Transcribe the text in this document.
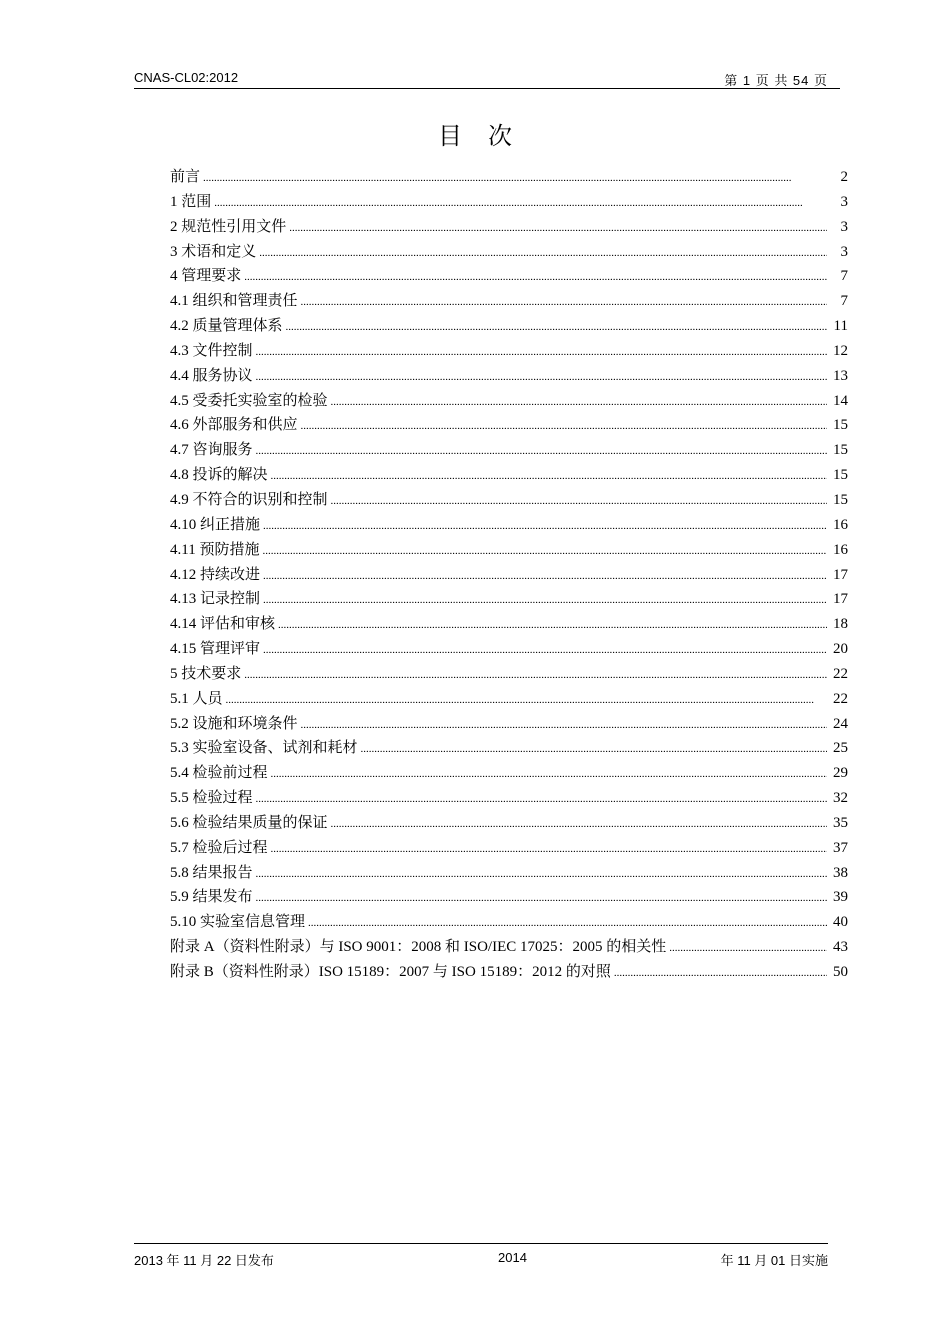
CNAS-CL02:2012	第 1 页 共 54 页
目次
前言 .....	2
1 范围 .....	3
2 规范性引用文件 .....	3
3 术语和定义 .....	3
4 管理要求 .....	7
4.1 组织和管理责任 .....	7
4.2 质量管理体系 .....	11
4.3 文件控制 .....	12
4.4 服务协议 .....	13
4.5 受委托实验室的检验 .....	14
4.6 外部服务和供应 .....	15
4.7 咨询服务 .....	15
4.8 投诉的解决 .....	15
4.9 不符合的识别和控制 .....	15
4.10 纠正措施 .....	16
4.11 预防措施 .....	16
4.12 持续改进 .....	17
4.13 记录控制 .....	17
4.14 评估和审核 .....	18
4.15 管理评审 .....	20
5 技术要求 .....	22
5.1 人员 .....	22
5.2 设施和环境条件 .....	24
5.3 实验室设备、试剂和耗材 .....	25
5.4 检验前过程 .....	29
5.5 检验过程 .....	32
5.6 检验结果质量的保证 .....	35
5.7 检验后过程 .....	37
5.8 结果报告 .....	38
5.9 结果发布 .....	39
5.10 实验室信息管理 .....	40
附录 A（资料性附录）与 ISO 9001：2008 和 ISO/IEC 17025：2005 的相关性 .....	43
附录 B（资料性附录）ISO 15189：2007 与 ISO 15189：2012 的对照 .....	50
2013 年 11 月 22 日发布	2014	年 11 月 01 日实施
